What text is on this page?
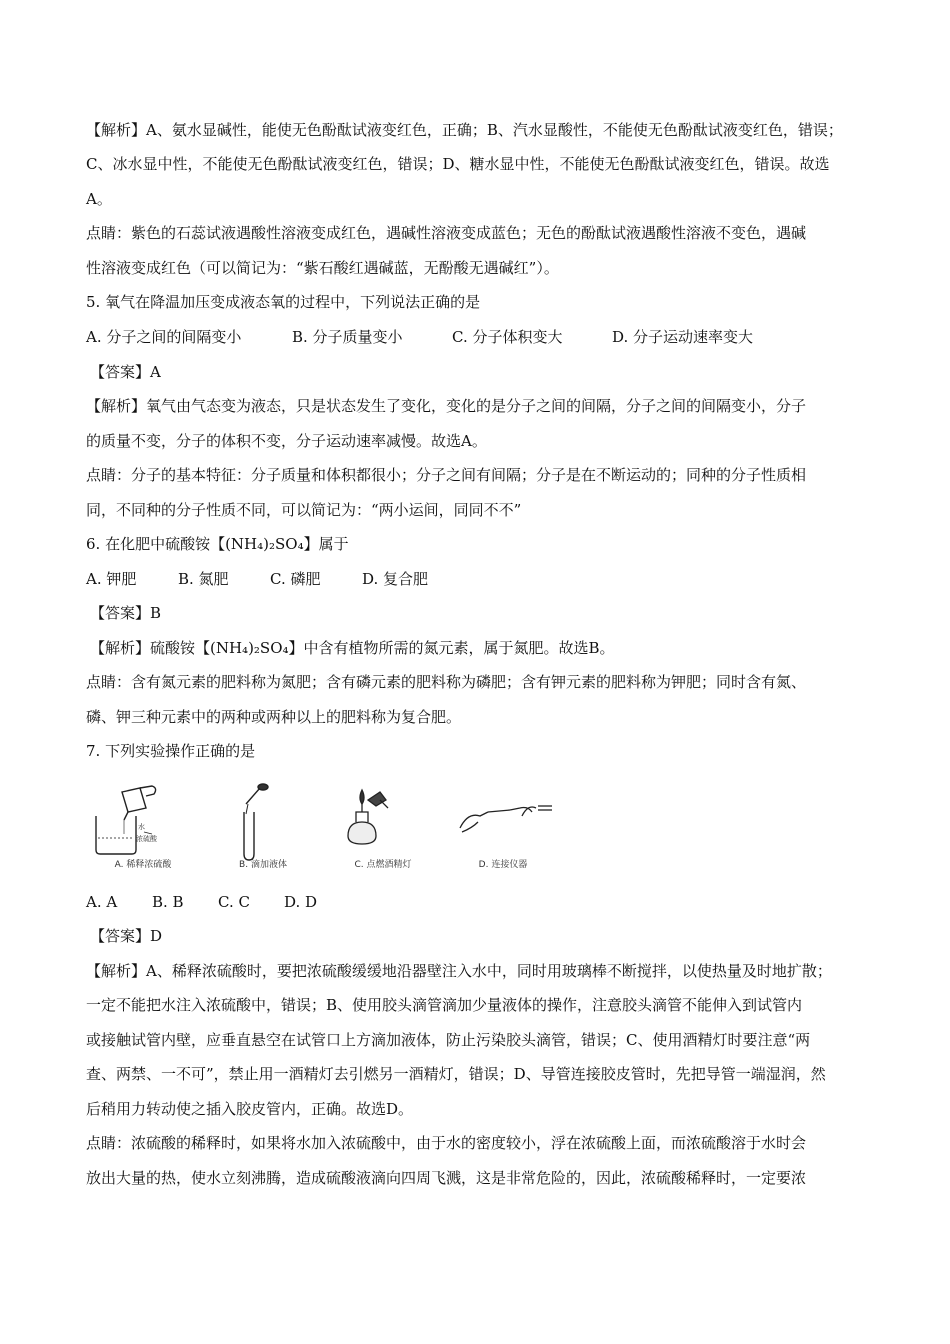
【解析】A、氨水显碱性，能使无色酚酞试液变红色，正确；B、汽水显酸性，不能使无色酚酞试液变红色，错误；
C、冰水显中性，不能使无色酚酞试液变红色，错误；D、糖水显中性，不能使无色酚酞试液变红色，错误。故选
A。
点睛：紫色的石蕊试液遇酸性溶液变成红色，遇碱性溶液变成蓝色；无色的酚酞试液遇酸性溶液不变色，遇碱
性溶液变成红色（可以简记为：“紫石酸红遇碱蓝，无酚酸无遇碱红”）。
5. 氧气在降温加压变成液态氧的过程中，下列说法正确的是
A. 分子之间的间隔变小	B. 分子质量变小	C. 分子体积变大	D. 分子运动速率变大
【答案】A
【解析】氧气由气态变为液态，只是状态发生了变化，变化的是分子之间的间隔，分子之间的间隔变小，分子
的质量不变，分子的体积不变，分子运动速率减慢。故选A。
点睛：分子的基本特征：分子质量和体积都很小；分子之间有间隔；分子是在不断运动的；同种的分子性质相
同，不同种的分子性质不同，可以简记为：“两小运间，同同不不”
6. 在化肥中硫酸铵【(NH₄)₂SO₄】属于
A. 钾肥	B. 氮肥	C. 磷肥	D. 复合肥
【答案】B
【解析】硫酸铵【(NH₄)₂SO₄】中含有植物所需的氮元素，属于氮肥。故选B。
点睛：含有氮元素的肥料称为氮肥；含有磷元素的肥料称为磷肥；含有钾元素的肥料称为钾肥；同时含有氮、
磷、钾三种元素中的两种或两种以上的肥料称为复合肥。
7. 下列实验操作正确的是
水
浓硫酸
A. 稀释浓硫酸	B. 滴加液体	C. 点燃酒精灯	D. 连接仪器
A. A B. B C. C D. D
【答案】D
【解析】A、稀释浓硫酸时，要把浓硫酸缓缓地沿器壁注入水中，同时用玻璃棒不断搅拌，以使热量及时地扩散；
一定不能把水注入浓硫酸中，错误；B、使用胶头滴管滴加少量液体的操作，注意胶头滴管不能伸入到试管内
或接触试管内壁，应垂直悬空在试管口上方滴加液体，防止污染胶头滴管，错误；C、使用酒精灯时要注意“两
查、两禁、一不可”，禁止用一酒精灯去引燃另一酒精灯，错误；D、导管连接胶皮管时，先把导管一端湿润，然
后稍用力转动使之插入胶皮管内，正确。故选D。
点睛：浓硫酸的稀释时，如果将水加入浓硫酸中，由于水的密度较小，浮在浓硫酸上面，而浓硫酸溶于水时会
放出大量的热，使水立刻沸腾，造成硫酸液滴向四周飞溅，这是非常危险的，因此，浓硫酸稀释时，一定要浓
